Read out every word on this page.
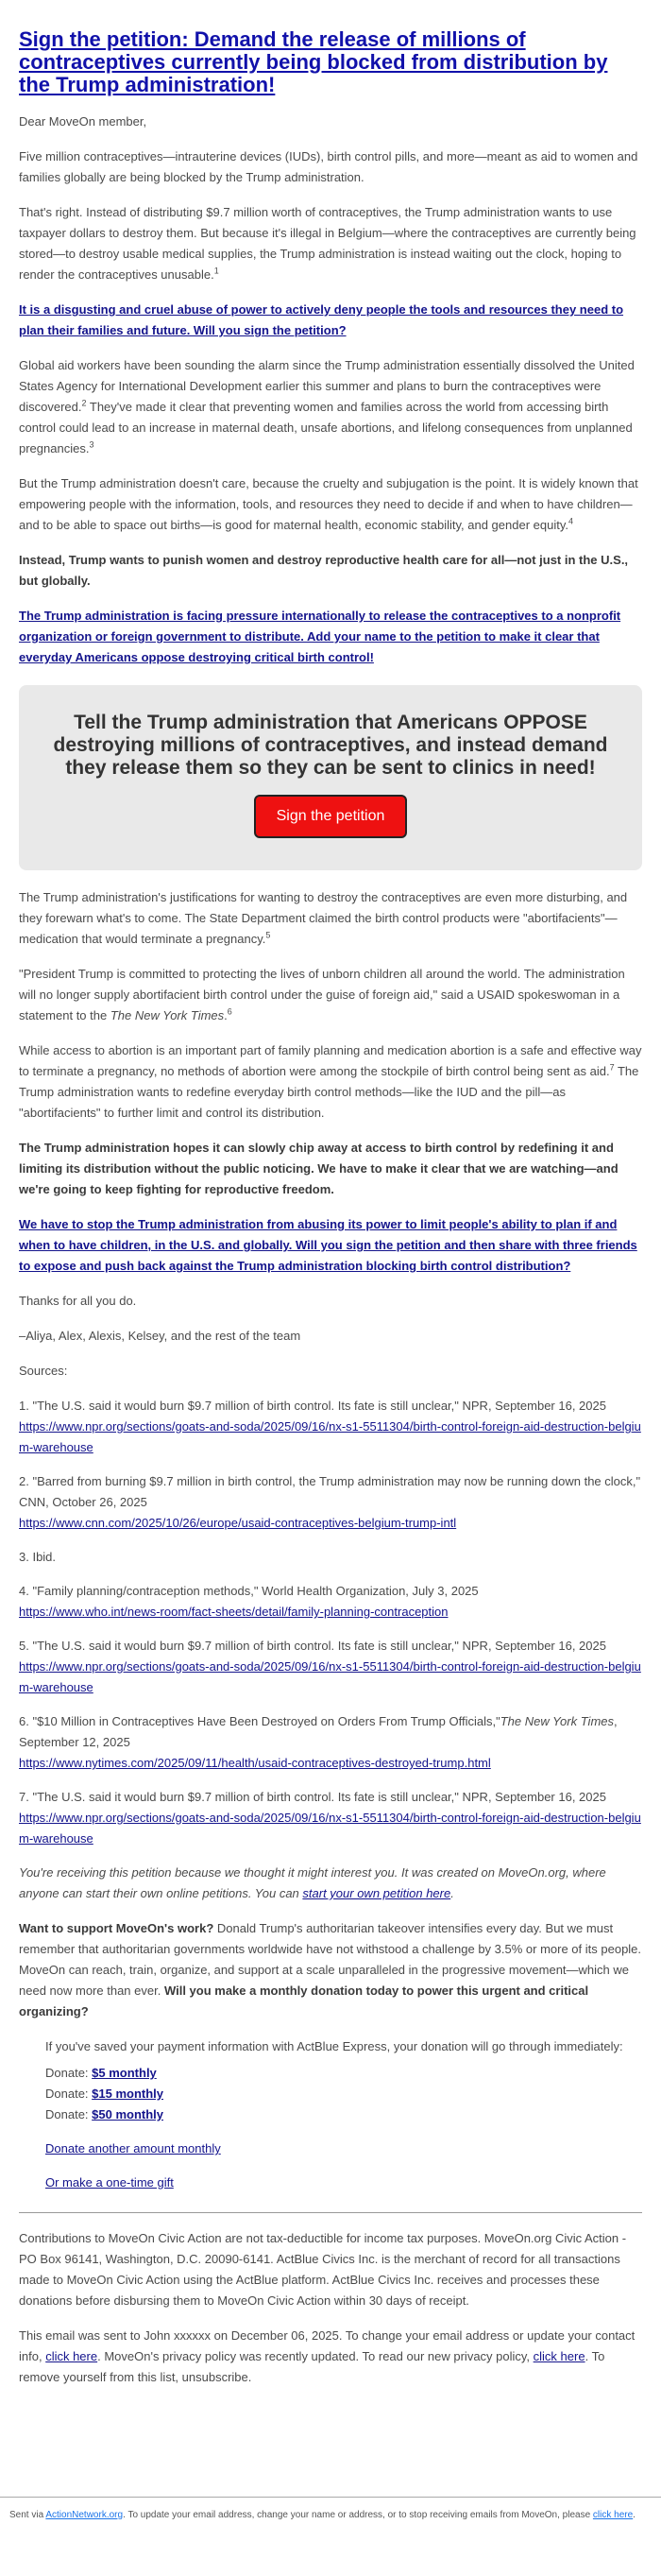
Sign the petition: Demand the release of millions of contraceptives currently being blocked from distribution by the Trump administration!

Dear MoveOn member,

Five million contraceptives—intrauterine devices (IUDs), birth control pills, and more—meant as aid to women and families globally are being blocked by the Trump administration.

That's right. Instead of distributing $9.7 million worth of contraceptives, the Trump administration wants to use taxpayer dollars to destroy them. But because it's illegal in Belgium—where the contraceptives are currently being stored—to destroy usable medical supplies, the Trump administration is instead waiting out the clock, hoping to render the contraceptives unusable.$^1$

It is a disgusting and cruel abuse of power to actively deny people the tools and resources they need to plan their families and future. Will you sign the petition?

Global aid workers have been sounding the alarm since the Trump administration essentially dissolved the United States Agency for International Development earlier this summer and plans to burn the contraceptives were discovered.$^2$ They've made it clear that preventing women and families across the world from accessing birth control could lead to an increase in maternal death, unsafe abortions, and lifelong consequences from unplanned pregnancies.$^3$

But the Trump administration doesn't care, because the cruelty and subjugation is the point. It is widely known that empowering people with the information, tools, and resources they need to decide if and when to have children—and to be able to space out births—is good for maternal health, economic stability, and gender equity.$^4$

Instead, Trump wants to punish women and destroy reproductive health care for all—not just in the U.S., but globally.

The Trump administration is facing pressure internationally to release the contraceptives to a nonprofit organization or foreign government to distribute. Add your name to the petition to make it clear that everyday Americans oppose destroying critical birth control!

Tell the Trump administration that Americans OPPOSE destroying millions of contraceptives, and instead demand they release them so they can be sent to clinics in need!
Sign the petition

The Trump administration's justifications for wanting to destroy the contraceptives are even more disturbing, and they forewarn what's to come. The State Department claimed the birth control products were "abortifacients"—medication that would terminate a pregnancy.$^5$

"President Trump is committed to protecting the lives of unborn children all around the world. The administration will no longer supply abortifacient birth control under the guise of foreign aid," said a USAID spokeswoman in a statement to the The New York Times.$^6$

While access to abortion is an important part of family planning and medication abortion is a safe and effective way to terminate a pregnancy, no methods of abortion were among the stockpile of birth control being sent as aid.$^7$ The Trump administration wants to redefine everyday birth control methods—like the IUD and the pill—as "abortifacients" to further limit and control its distribution.

The Trump administration hopes it can slowly chip away at access to birth control by redefining it and limiting its distribution without the public noticing. We have to make it clear that we are watching—and we're going to keep fighting for reproductive freedom.

We have to stop the Trump administration from abusing its power to limit people's ability to plan if and when to have children, in the U.S. and globally. Will you sign the petition and then share with three friends to expose and push back against the Trump administration blocking birth control distribution?

Thanks for all you do.

–Aliya, Alex, Alexis, Kelsey, and the rest of the team

Sources:

1. "The U.S. said it would burn $9.7 million of birth control. Its fate is still unclear," NPR, September 16, 2025
https://www.npr.org/sections/goats-and-soda/2025/09/16/nx-s1-5511304/birth-control-foreign-aid-destruction-belgium-warehouse

2. "Barred from burning $9.7 million in birth control, the Trump administration may now be running down the clock," CNN, October 26, 2025
https://www.cnn.com/2025/10/26/europe/usaid-contraceptives-belgium-trump-intl

3. Ibid.

4. "Family planning/contraception methods," World Health Organization, July 3, 2025
https://www.who.int/news-room/fact-sheets/detail/family-planning-contraception

5. "The U.S. said it would burn $9.7 million of birth control. Its fate is still unclear," NPR, September 16, 2025
https://www.npr.org/sections/goats-and-soda/2025/09/16/nx-s1-5511304/birth-control-foreign-aid-destruction-belgium-warehouse

6. "$10 Million in Contraceptives Have Been Destroyed on Orders From Trump Officials,"The New York Times, September 12, 2025
https://www.nytimes.com/2025/09/11/health/usaid-contraceptives-destroyed-trump.html

7. "The U.S. said it would burn $9.7 million of birth control. Its fate is still unclear," NPR, September 16, 2025
https://www.npr.org/sections/goats-and-soda/2025/09/16/nx-s1-5511304/birth-control-foreign-aid-destruction-belgium-warehouse

You're receiving this petition because we thought it might interest you. It was created on MoveOn.org, where anyone can start their own online petitions. You can start your own petition here.

Want to support MoveOn's work? Donald Trump's authoritarian takeover intensifies every day. But we must remember that authoritarian governments worldwide have not withstood a challenge by 3.5% or more of its people. MoveOn can reach, train, organize, and support at a scale unparalleled in the progressive movement—which we need now more than ever. Will you make a monthly donation today to power this urgent and critical organizing?

If you've saved your payment information with ActBlue Express, your donation will go through immediately:

Donate: $5 monthly

Donate: $15 monthly

Donate: $50 monthly

Donate another amount monthly

Or make a one-time gift

Contributions to MoveOn Civic Action are not tax-deductible for income tax purposes. MoveOn.org Civic Action - PO Box 96141, Washington, D.C. 20090-6141. ActBlue Civics Inc. is the merchant of record for all transactions made to MoveOn Civic Action using the ActBlue platform. ActBlue Civics Inc. receives and processes these donations before disbursing them to MoveOn Civic Action within 30 days of receipt.

This email was sent to John xxxxxx on December 06, 2025. To change your email address or update your contact info, click here. MoveOn's privacy policy was recently updated. To read our new privacy policy, click here. To remove yourself from this list, unsubscribe.

Sent via ActionNetwork.org. To update your email address, change your name or address, or to stop receiving emails from MoveOn, please click here.
